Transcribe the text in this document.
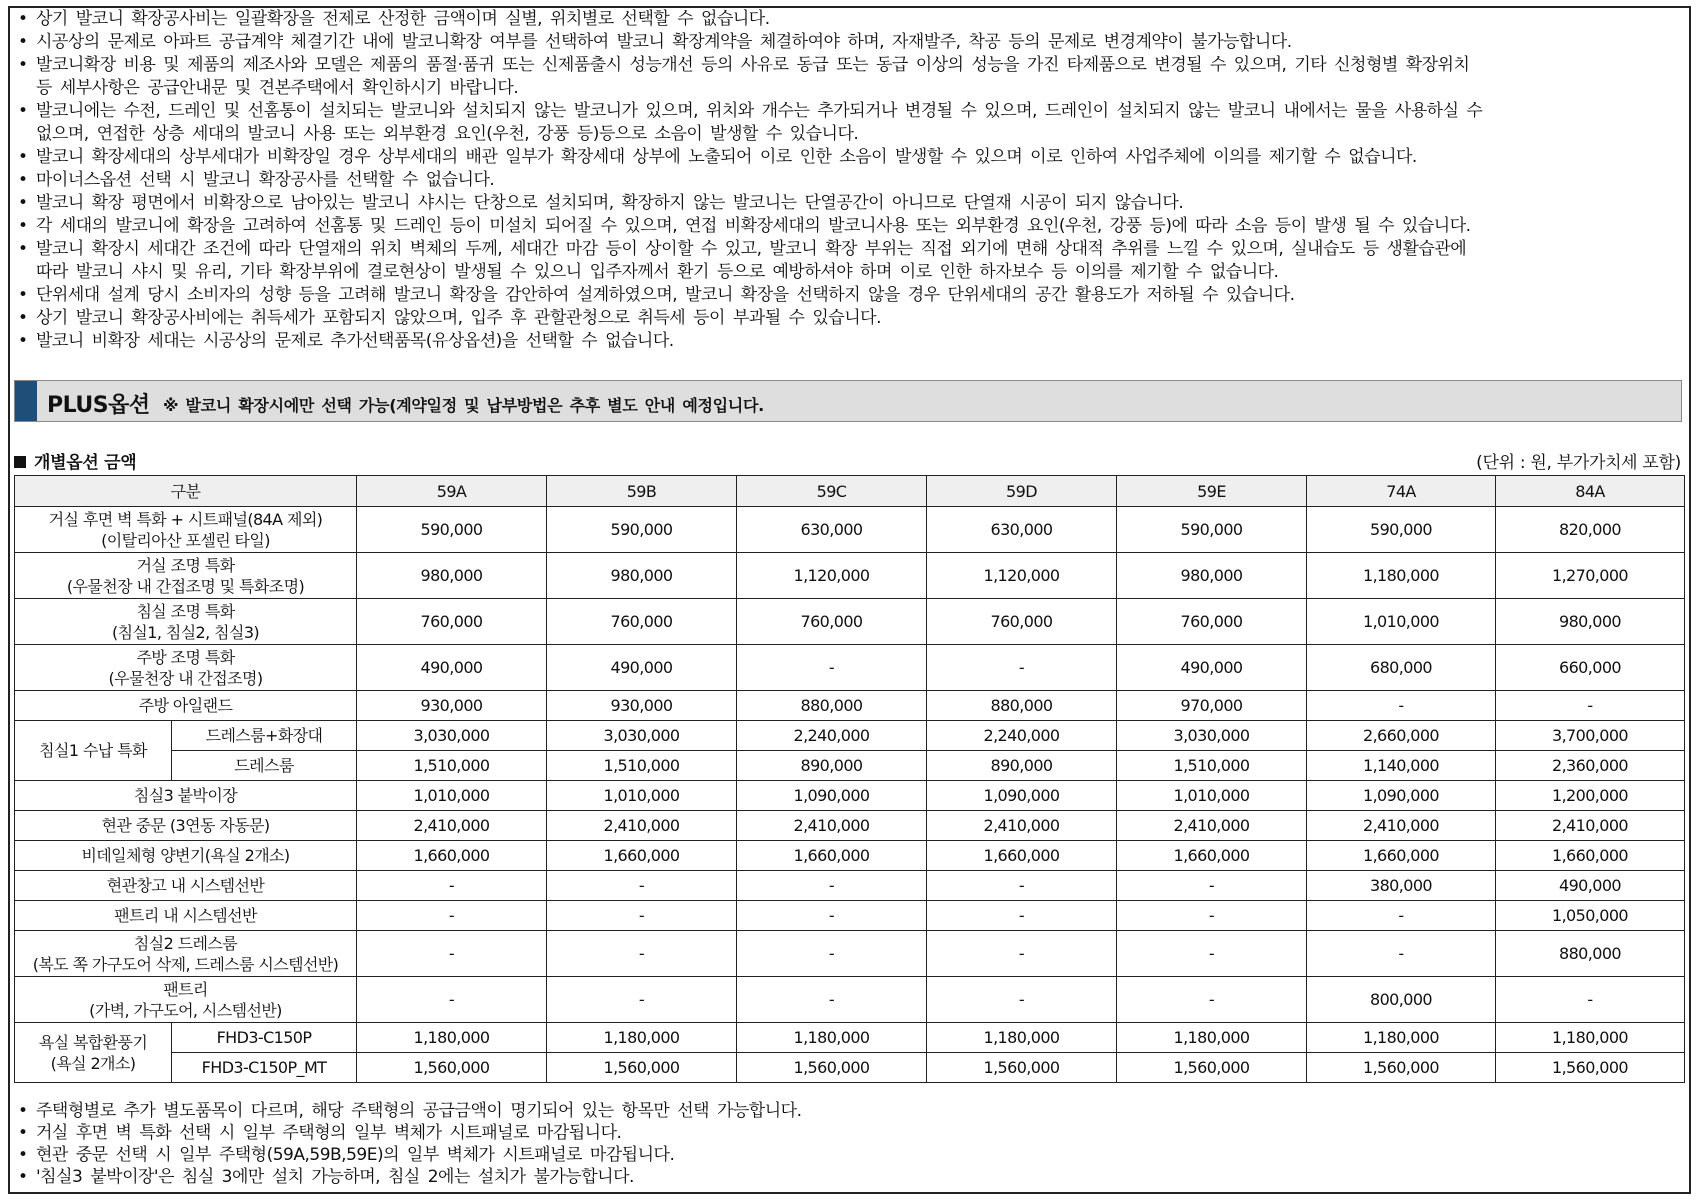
• 상기 발코니 확장공사비는 일괄확장을 전제로 산정한 금액이며 실별, 위치별로 선택할 수 없습니다.
• 시공상의 문제로 아파트 공급계약 체결기간 내에 발코니확장 여부를 선택하여 발코니 확장계약을 체결하여야 하며, 자재발주, 착공 등의 문제로 변경계약이 불가능합니다.
• 발코니확장 비용 및 제품의 제조사와 모델은 제품의 품절·품귀 또는 신제품출시 성능개선 등의 사유로 동급 또는 동급 이상의 성능을 가진 타제품으로 변경될 수 있으며, 기타 신청형별 확장위치
등 세부사항은 공급안내문 및 견본주택에서 확인하시기 바랍니다.
• 발코니에는 수전, 드레인 및 선홈통이 설치되는 발코니와 설치되지 않는 발코니가 있으며, 위치와 개수는 추가되거나 변경될 수 있으며, 드레인이 설치되지 않는 발코니 내에서는 물을 사용하실 수
없으며, 연접한 상층 세대의 발코니 사용 또는 외부환경 요인(우천, 강풍 등)등으로 소음이 발생할 수 있습니다.
• 발코니 확장세대의 상부세대가 비확장일 경우 상부세대의 배관 일부가 확장세대 상부에 노출되어 이로 인한 소음이 발생할 수 있으며 이로 인하여 사업주체에 이의를 제기할 수 없습니다.
• 마이너스옵션 선택 시 발코니 확장공사를 선택할 수 없습니다.
• 발코니 확장 평면에서 비확장으로 남아있는 발코니 샤시는 단창으로 설치되며, 확장하지 않는 발코니는 단열공간이 아니므로 단열재 시공이 되지 않습니다.
• 각 세대의 발코니에 확장을 고려하여 선홈통 및 드레인 등이 미설치 되어질 수 있으며, 연접 비확장세대의 발코니사용 또는 외부환경 요인(우천, 강풍 등)에 따라 소음 등이 발생 될 수 있습니다.
• 발코니 확장시 세대간 조건에 따라 단열재의 위치 벽체의 두께, 세대간 마감 등이 상이할 수 있고, 발코니 확장 부위는 직접 외기에 면해 상대적 추위를 느낄 수 있으며, 실내습도 등 생활습관에
따라 발코니 샤시 및 유리, 기타 확장부위에 결로현상이 발생될 수 있으니 입주자께서 환기 등으로 예방하셔야 하며 이로 인한 하자보수 등 이의를 제기할 수 없습니다.
• 단위세대 설계 당시 소비자의 성향 등을 고려해 발코니 확장을 감안하여 설계하였으며, 발코니 확장을 선택하지 않을 경우 단위세대의 공간 활용도가 저하될 수 있습니다.
• 상기 발코니 확장공사비에는 취득세가 포함되지 않았으며, 입주 후 관할관청으로 취득세 등이 부과될 수 있습니다.
• 발코니 비확장 세대는 시공상의 문제로 추가선택품목(유상옵션)을 선택할 수 없습니다.
PLUS옵션 ※ 발코니 확장시에만 선택 가능(계약일정 및 납부방법은 추후 별도 안내 예정입니다.
개별옵션 금액	(단위 : 원, 부가가치세 포함)
구분		59A	59B	59C	59D	59E	74A	84A

거실 후면 벽 특화 + 시트패널(84A 제외)
(이탈리아산 포셀린 타일)		590,000	590,000	630,000	630,000	590,000	590,000	820,000

거실 조명 특화
(우물천장 내 간접조명 및 특화조명)		980,000	980,000	1,120,000	1,120,000	980,000	1,180,000	1,270,000

침실 조명 특화
(침실1, 침실2, 침실3)		760,000	760,000	760,000	760,000	760,000	1,010,000	980,000

주방 조명 특화
(우물천장 내 간접조명)		490,000	490,000	-	-	490,000	680,000	660,000

주방 아일랜드		930,000	930,000	880,000	880,000	970,000	-	-

침실1 수납 특화	드레스룸+화장대	3,030,000	3,030,000	2,240,000	2,240,000	3,030,000	2,660,000	3,700,000
	드레스룸	1,510,000	1,510,000	890,000	890,000	1,510,000	1,140,000	2,360,000

침실3 붙박이장		1,010,000	1,010,000	1,090,000	1,090,000	1,010,000	1,090,000	1,200,000

현관 중문 (3연동 자동문)		2,410,000	2,410,000	2,410,000	2,410,000	2,410,000	2,410,000	2,410,000

비데일체형 양변기(욕실 2개소)		1,660,000	1,660,000	1,660,000	1,660,000	1,660,000	1,660,000	1,660,000

현관창고 내 시스템선반		-	-	-	-	-	380,000	490,000

팬트리 내 시스템선반		-	-	-	-	-	-	1,050,000

침실2 드레스룸
(복도 쪽 가구도어 삭제, 드레스룸 시스템선반)		-	-	-	-	-	-	880,000

팬트리
(가벽, 가구도어, 시스템선반)		-	-	-	-	-	800,000	-

욕실 복합환풍기
(욕실 2개소)	FHD3-C150P	1,180,000	1,180,000	1,180,000	1,180,000	1,180,000	1,180,000	1,180,000
	FHD3-C150P_MT	1,560,000	1,560,000	1,560,000	1,560,000	1,560,000	1,560,000	1,560,000
• 주택형별로 추가 별도품목이 다르며, 해당 주택형의 공급금액이 명기되어 있는 항목만 선택 가능합니다.
• 거실 후면 벽 특화 선택 시 일부 주택형의 일부 벽체가 시트패널로 마감됩니다.
• 현관 중문 선택 시 일부 주택형(59A,59B,59E)의 일부 벽체가 시트패널로 마감됩니다.
• '침실3 붙박이장'은 침실 3에만 설치 가능하며, 침실 2에는 설치가 불가능합니다.
